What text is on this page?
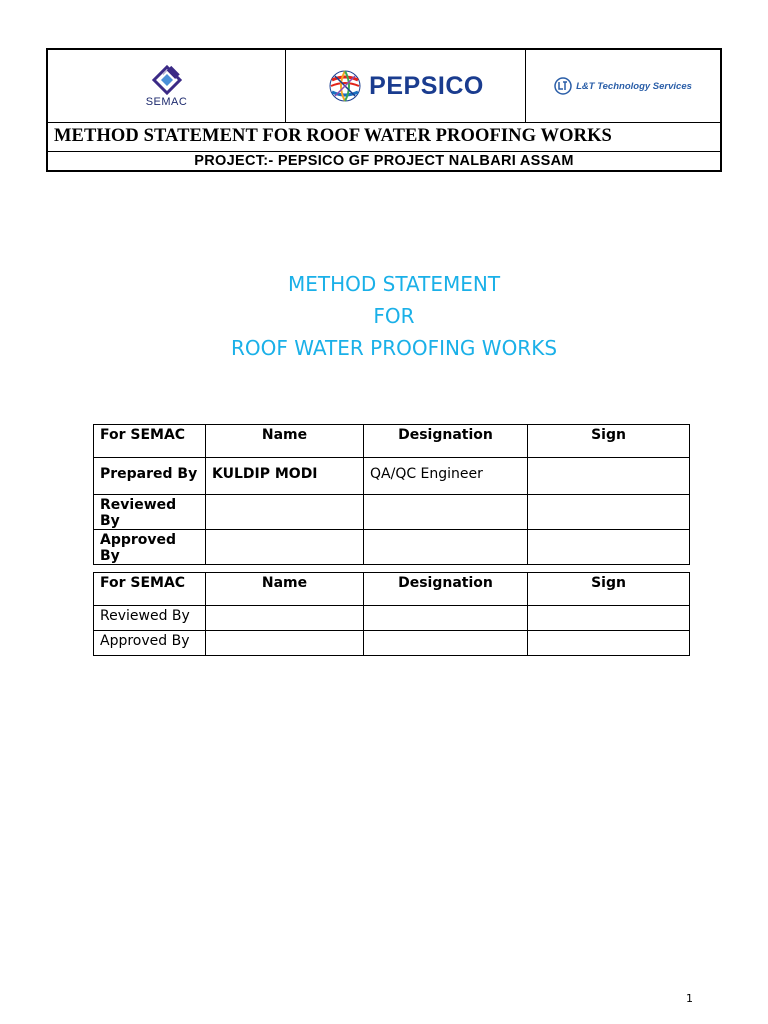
SEMAC
PEPSICO	L&T Technology Services
METHOD STATEMENT FOR ROOF WATER PROOFING WORKS
PROJECT:- PEPSICO GF PROJECT NALBARI ASSAM
METHOD STATEMENT
FOR
ROOF WATER PROOFING WORKS
For SEMAC	Name	Designation	Sign
Prepared By	KULDIP MODI	QA/QC Engineer	
Reviewed By			
Approved By			
For SEMAC	Name	Designation	Sign
Reviewed By			
Approved By			
1
